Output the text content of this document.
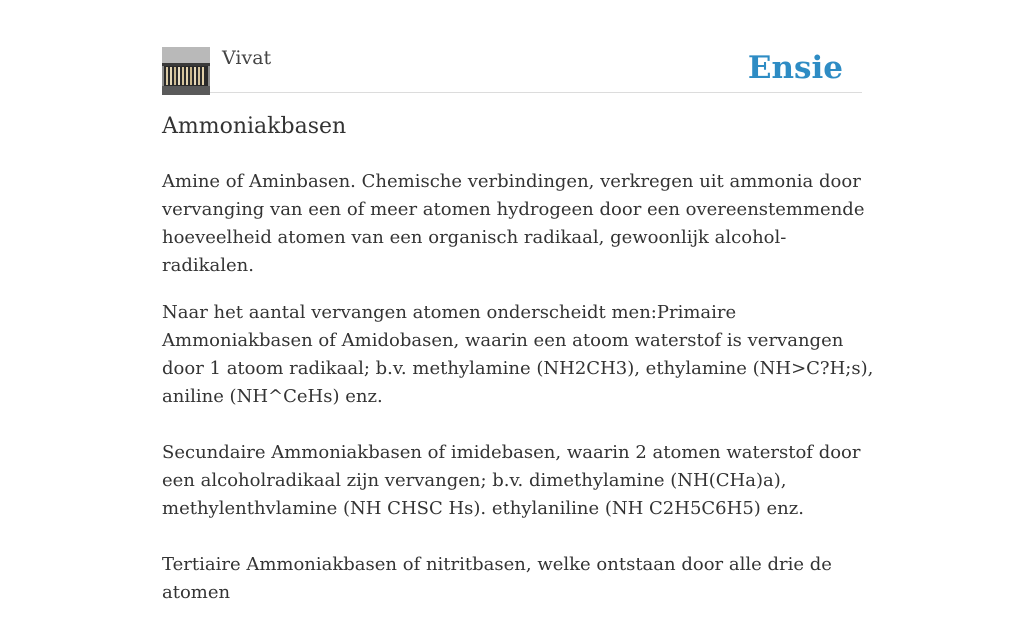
Vivat	Ensie
Ammoniakbasen

Amine of Aminbasen. Chemische verbindingen, verkregen uit ammonia door vervanging van een of meer atomen hydrogeen door een overeenstemmende hoeveelheid atomen van een organisch radikaal, gewoonlijk alcohol-radikalen.

Naar het aantal vervangen atomen onderscheidt men:Primaire Ammoniakbasen of Amidobasen, waarin een atoom waterstof is vervangen door 1 atoom radikaal; b.v. methylamine (NH2CH3), ethylamine (NH>C?H;s), aniline (NH^CeHs) enz.

Secundaire Ammoniakbasen of imidebasen, waarin 2 atomen waterstof door een alcoholradikaal zijn vervangen; b.v. dimethylamine (NH(CHa)a), methylenthvlamine (NH CHSC Hs). ethylaniline (NH C2H5C6H5) enz.

Tertiaire Ammoniakbasen of nitritbasen, welke ontstaan door alle drie de atomen
